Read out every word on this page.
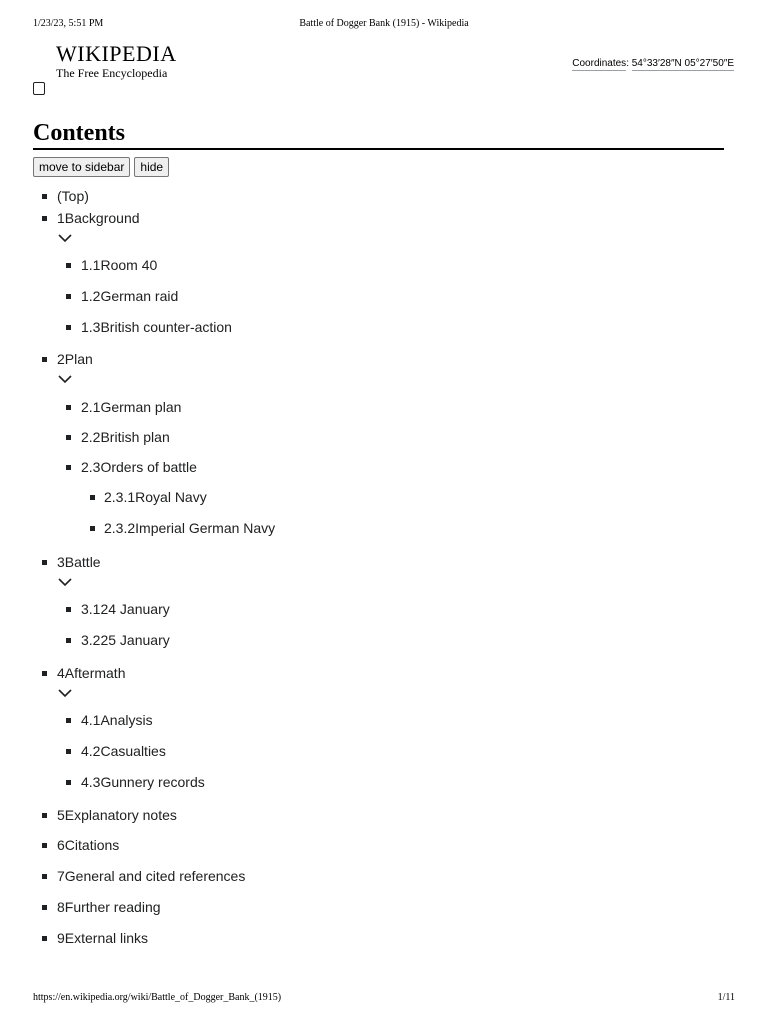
1/23/23, 5:51 PM	Battle of Dogger Bank (1915) - Wikipedia
WIKIPEDIA
The Free Encyclopedia
Coordinates: 54°33′28″N 05°27′50″E
Contents
move to sidebar	hide
(Top)
1Background
1.1Room 40
1.2German raid
1.3British counter-action
2Plan
2.1German plan
2.2British plan
2.3Orders of battle
2.3.1Royal Navy
2.3.2Imperial German Navy
3Battle
3.124 January
3.225 January
4Aftermath
4.1Analysis
4.2Casualties
4.3Gunnery records
5Explanatory notes
6Citations
7General and cited references
8Further reading
9External links
https://en.wikipedia.org/wiki/Battle_of_Dogger_Bank_(1915)	1/11
